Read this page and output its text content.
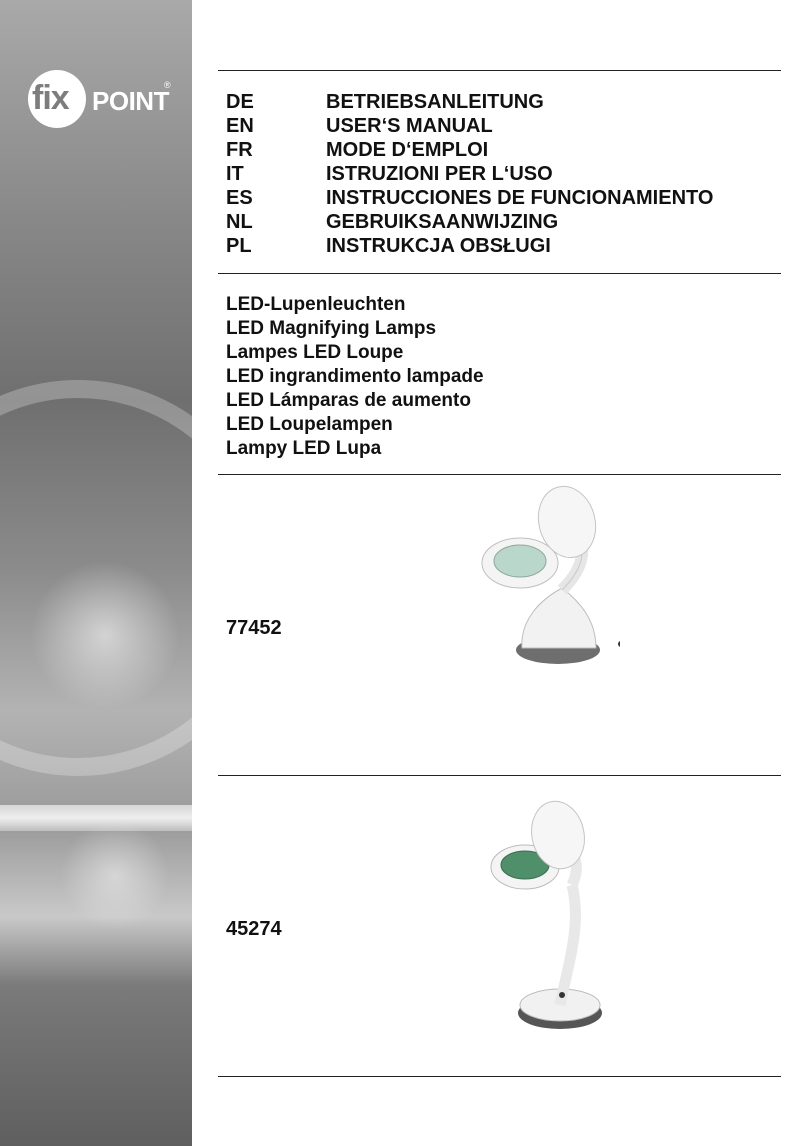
fix POINT
®
DE	BETRIEBSANLEITUNG
EN	USER‘S MANUAL
FR	MODE D‘EMPLOI
IT	ISTRUZIONI PER L‘USO
ES	INSTRUCCIONES DE FUNCIONAMIENTO
NL	GEBRUIKSAANWIJZING
PL	INSTRUKCJA OBSŁUGI
LED-Lupenleuchten
LED Magnifying Lamps
Lampes LED Loupe
LED ingrandimento lampade
LED Lámparas de aumento
LED Loupelampen
Lampy LED Lupa
77452
45274
